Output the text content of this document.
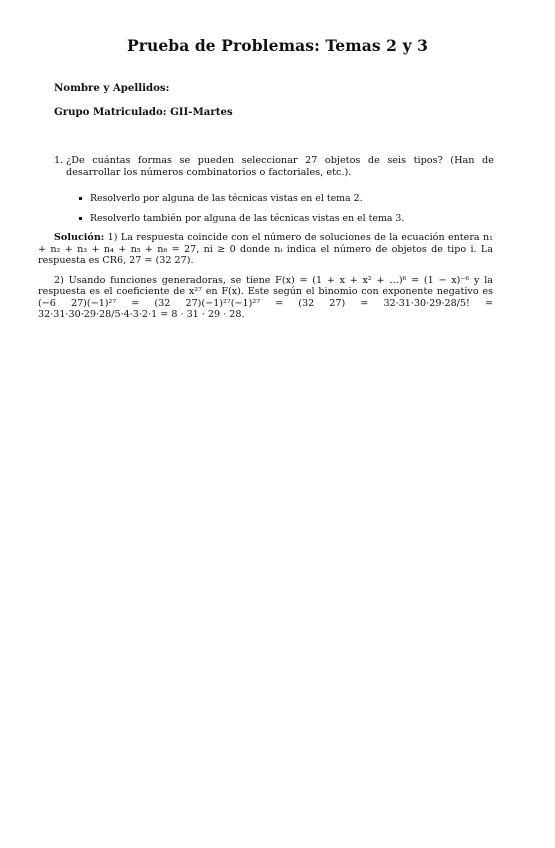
Prueba de Problemas: Temas 2 y 3
Nombre y Apellidos:
Grupo Matriculado: GII-Martes
1. ¿De cuántas formas se pueden seleccionar 27 objetos de seis tipos? (Han de desarrollar los números combinatorios o factoriales, etc.).
Resolverlo por alguna de las técnicas vistas en el tema 2.
Resolverlo también por alguna de las técnicas vistas en el tema 3.

Solución: 1) La respuesta coincide con el número de soluciones de la ecuación entera n₁ + n₂ + n₃ + n₄ + n₅ + n₆ = 27, ni ≥ 0 donde nᵢ indica el número de objetos de tipo i. La respuesta es CR6, 27 = (32 27).

2) Usando funciones generadoras, se tiene F(x) = (1 + x + x² + …)⁶ = (1 − x)⁻⁶ y la respuesta es el coeficiente de x²⁷ en F(x). Este según el binomio con exponente negativo es (−6 27)(−1)²⁷ = (32 27)(−1)²⁷(−1)²⁷ = (32 27) = 32·31·30·29·28/5! = 32·31·30·29·28/5·4·3·2·1 = 8 · 31 · 29 · 28.
